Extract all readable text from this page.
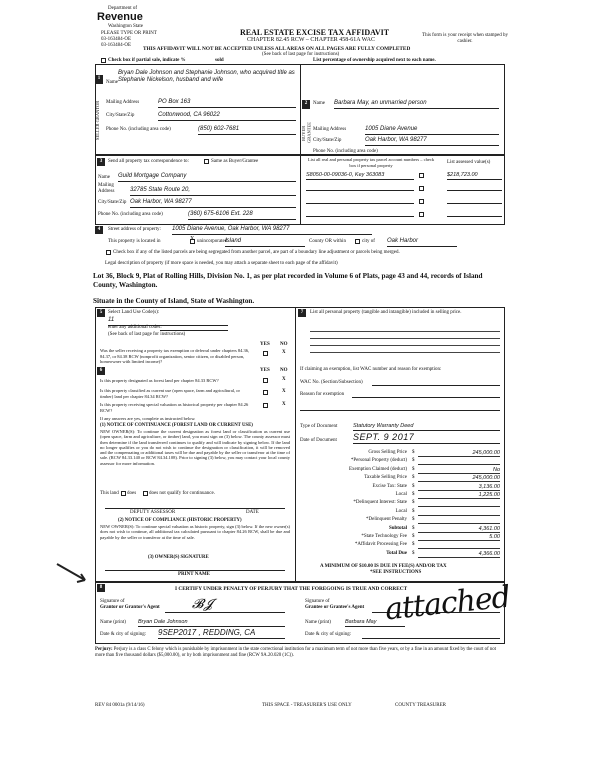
Department of
Revenue
Washington State
PLEASE TYPE OR PRINT
03-163484-OE
03-163484-OE
REAL ESTATE EXCISE TAX AFFIDAVIT
CHAPTER 82.45 RCW – CHAPTER 458-61A WAC
This form is your receipt when stamped by cashier.
THIS AFFIDAVIT WILL NOT BE ACCEPTED UNLESS ALL AREAS ON ALL PAGES ARE FULLY COMPLETED
(See back of last page for instructions)
Check box if partial sale, indicate %	sold	List percentage of ownership acquired next to each name.
1
SELLER GRANTOR
Name
Bryan Dale Johnson and Stephanie Johnson, who acquired title as Stephanie Nickelson, husband and wife
Mailing Address	PO Box 163
City/State/Zip	Cottonwood, CA 96022
Phone No. (including area code)	(850) 602-7681
2
BUYER GRANTEE
Name Barbara May, an unmarried person
Mailing Address	1005 Diane Avenue
City/State/Zip	Oak Harbor, WA 98277
Phone No. (including area code)
3	Send all property tax correspondence to:	Same as Buyer/Grantee
Name Guild Mortgage Company
Mailing Address	32785 State Route 20,
City/State/Zip Oak Harbor, WA 98277
Phone No. (including area code)	(360) 675-6106 Ext. 228
List all real and personal property tax parcel account numbers – check box if personal property
List assessed value(s)
S8050-00-09036-0, Key 363083	$218,723.00
4	Street address of property: 1005 Diane Avenue, Oak Harbor, WA 98277
This property is located in	X unincorporated
Island	County OR within	city of Oak Harbor
Check box if any of the listed parcels are being segregated from another parcel, are part of a boundary line adjustment or parcels being merged.
Legal description of property (if more space is needed, you may attach a separate sheet to each page of the affidavit)
Lot 36, Block 9, Plat of Rolling Hills, Division No. 1, as per plat recorded in Volume 6 of Plats, page 43 and 44, records of Island County, Washington.
Situate in the County of Island, State of Washington.
5	Select Land Use Code(s):
11
enter any additional codes:
(See back of last page for instructions)
YES NO
Was the seller receiving a property tax exemption or deferral under chapters 84.36, 84.37, or 84.38 RCW (nonprofit organization, senior citizen, or disabled person, homeowner with limited income)?
X
6	YES NO
Is this property designated as forest land per chapter 84.33 RCW?	X
Is this property classified as current use (open space, farm and agricultural, or timber) land per chapter 84.34 RCW?
X
Is this property receiving special valuation as historical property per chapter 84.26 RCW?
X
If any answers are yes, complete as instructed below.
(1) NOTICE OF CONTINUANCE (FOREST LAND OR CURRENT USE)
NEW OWNER(S): To continue the current designation as forest land or classification as current use (open space, farm and agriculture, or timber) land, you must sign on (3) below. The county assessor must then determine if the land transferred continues to qualify and will indicate by signing below. If the land no longer qualifies or you do not wish to continue the designation or classification, it will be removed and the compensating or additional taxes will be due and payable by the seller or transferor at the time of sale. (RCW 84.33.140 or RCW 84.34.108). Prior to signing (3) below, you may contact your local county assessor for more information.
This land does	does not qualify for continuance.
DEPUTY ASSESSOR	DATE
(2) NOTICE OF COMPLIANCE (HISTORIC PROPERTY)
NEW OWNER(S): To continue special valuation as historic property, sign (3) below. If the new owner(s) does not wish to continue, all additional tax calculated pursuant to chapter 84.26 RCW, shall be due and payable by the seller or transferor at the time of sale.
(3) OWNER(S) SIGNATURE
PRINT NAME
7	List all personal property (tangible and intangible) included in selling price.
If claiming an exemption, list WAC number and reason for exemption:
WAC No. (Section/Subsection)
Reason for exemption
Type of Document	Statutory Warranty Deed
Date of Document SEPT. 9 2017
Gross Selling Price $	245,000.00
*Personal Property (deduct) $
Exemption Claimed (deduct) $	No
Taxable Selling Price $	245,000.00
Excise Tax: State $	3,136.00
Local $	1,225.00
*Delinquent Interest: State $
Local $
*Delinquent Penalty $
Subtotal $	4,361.00
*State Technology Fee $	5.00
*Affidavit Processing Fee $
Total Due $	4,366.00
A MINIMUM OF $10.00 IS DUE IN FEE(S) AND/OR TAX
*SEE INSTRUCTIONS
8	I CERTIFY UNDER PENALTY OF PERJURY THAT THE FOREGOING IS TRUE AND CORRECT
Signature of
Grantor or Grantor's Agent 𝓑𝓙
Name (print) Bryan Dale Johnson
Date & city of signing: 9SEP2017 , REDDING, CA
Signature of
Grantee or Grantee's Agent
Name (print)	Barbara May
Date & city of signing:
attached
Perjury: Perjury is a class C felony which is punishable by imprisonment in the state correctional institution for a maximum term of not more than five years, or by a fine in an amount fixed by the court of not more than five thousand dollars ($5,000.00), or by both imprisonment and fine (RCW 9A.20.020 (1C)).
REV 84 0001a (9/14/16)	THIS SPACE - TREASURER'S USE ONLY	COUNTY TREASURER
